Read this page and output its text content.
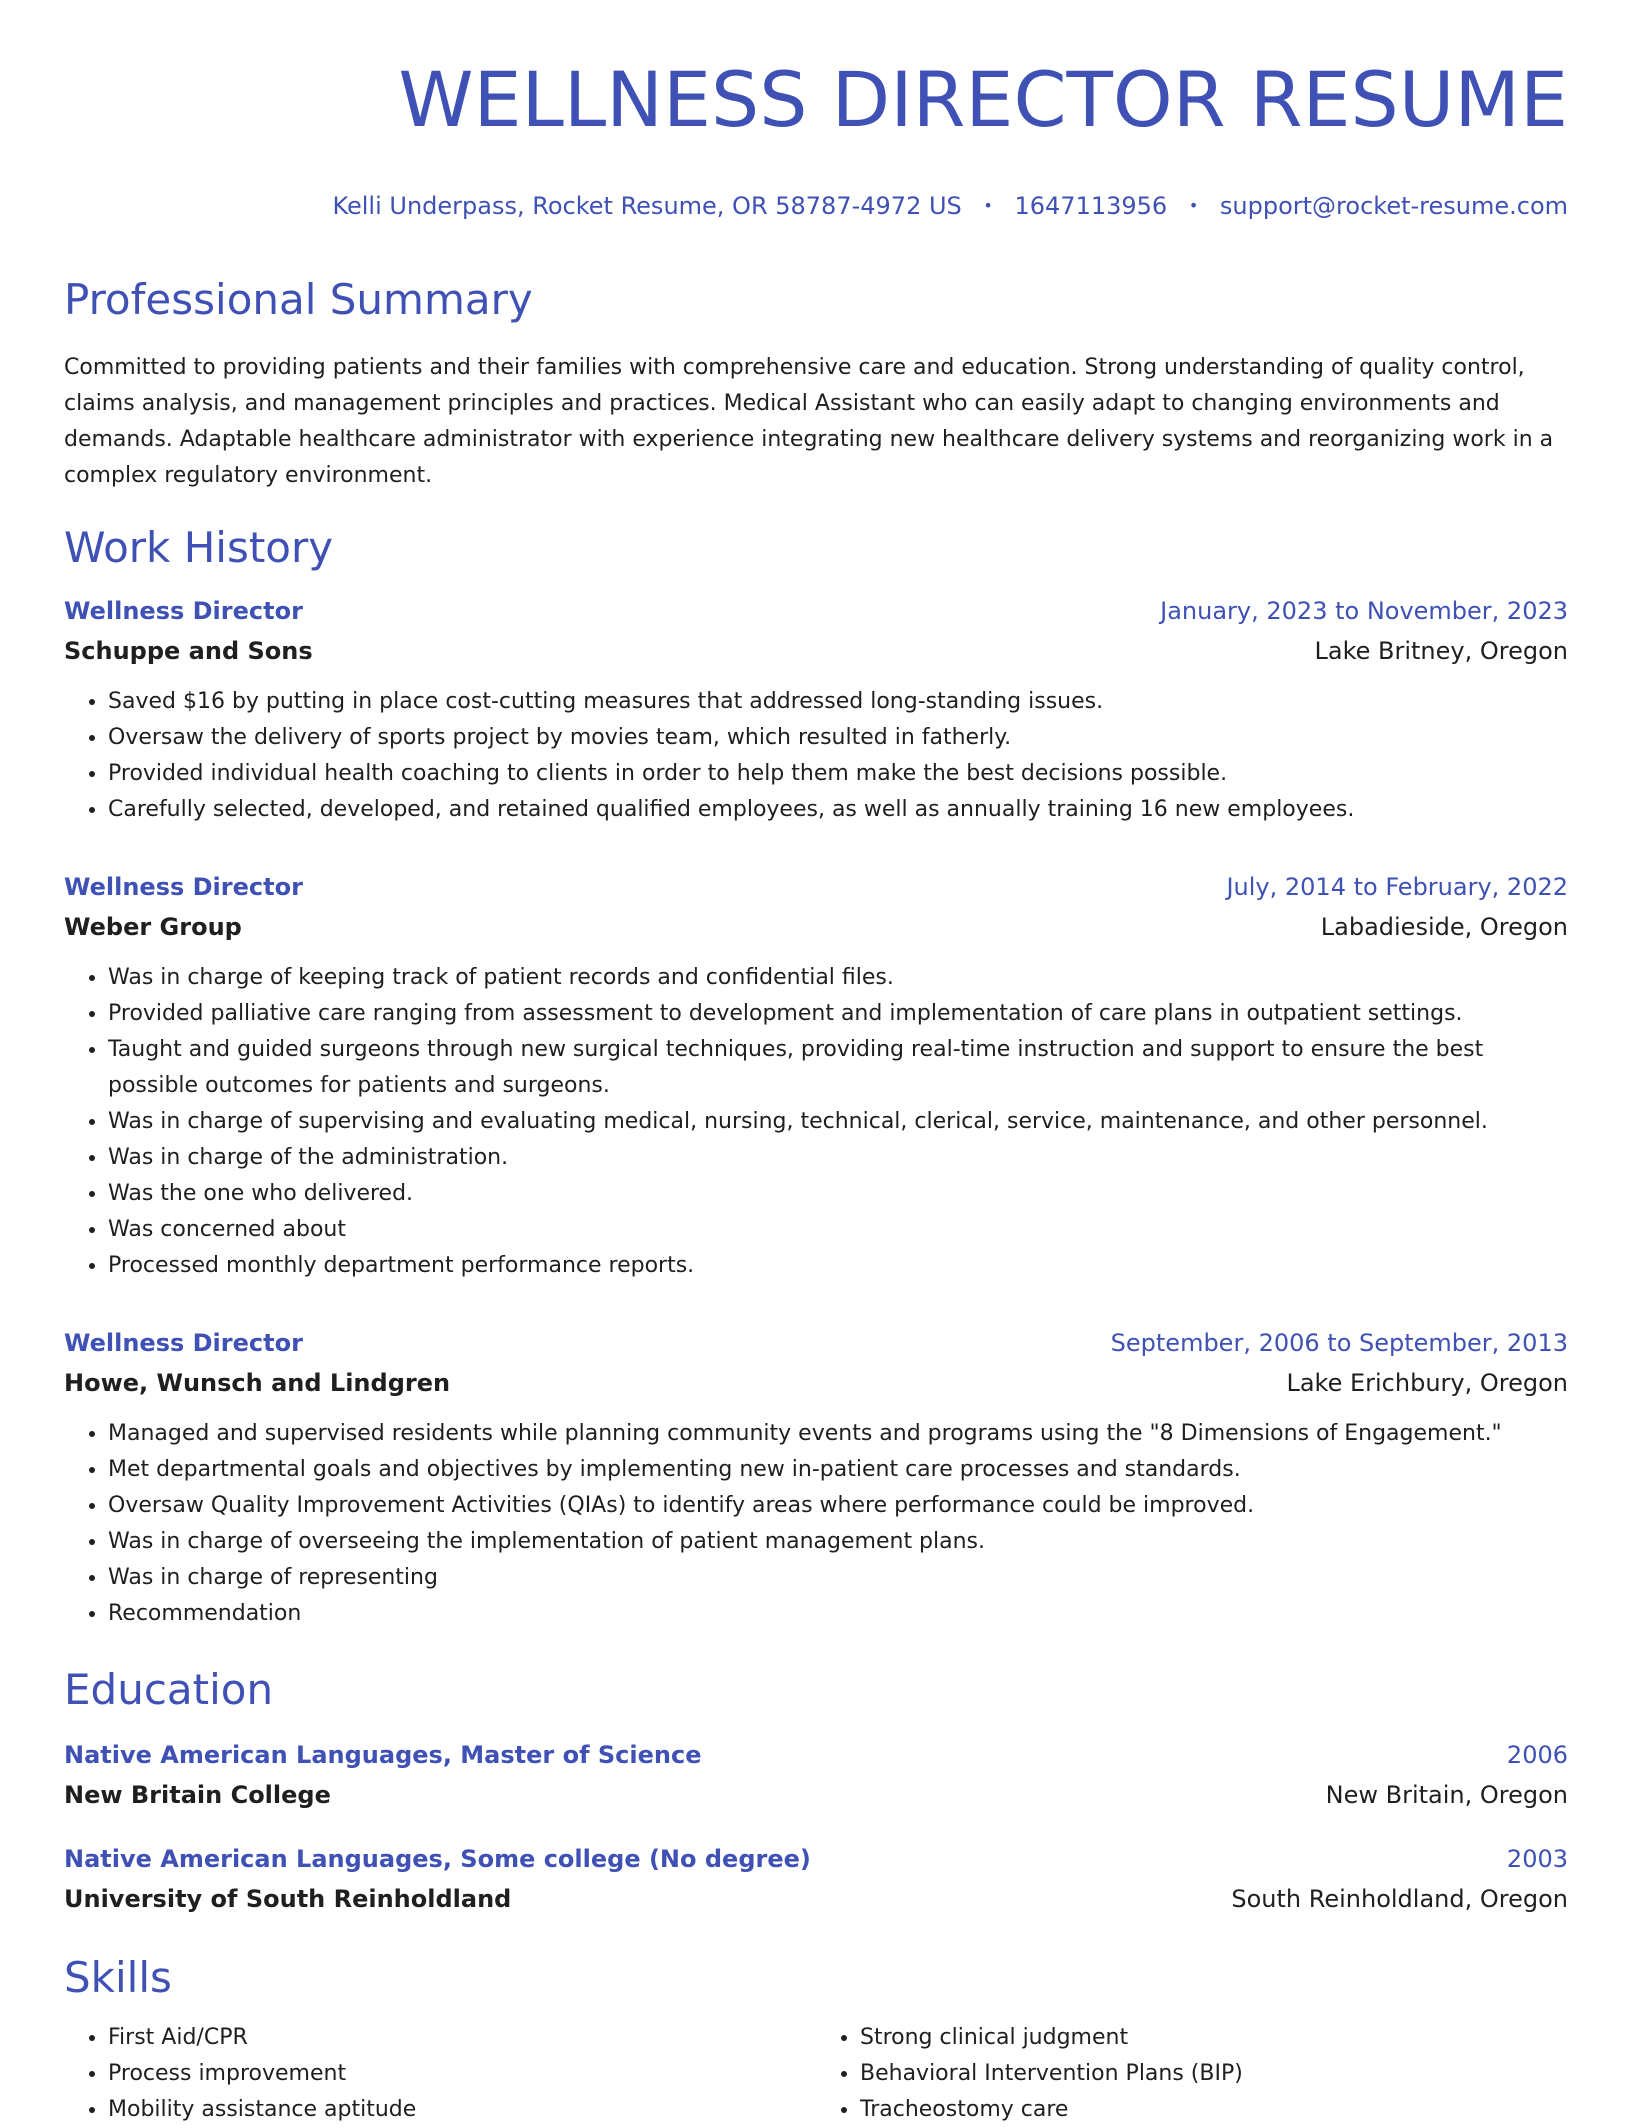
WELLNESS DIRECTOR RESUME
Kelli Underpass, Rocket Resume, OR 58787-4972 US • 1647113956 • support@rocket-resume.com
Professional Summary
Committed to providing patients and their families with comprehensive care and education. Strong understanding of quality control, claims analysis, and management principles and practices. Medical Assistant who can easily adapt to changing environments and demands. Adaptable healthcare administrator with experience integrating new healthcare delivery systems and reorganizing work in a complex regulatory environment.
Work History
Wellness Director	January, 2023 to November, 2023
Schuppe and Sons	Lake Britney, Oregon
• Saved $16 by putting in place cost-cutting measures that addressed long-standing issues.
• Oversaw the delivery of sports project by movies team, which resulted in fatherly.
• Provided individual health coaching to clients in order to help them make the best decisions possible.
• Carefully selected, developed, and retained qualified employees, as well as annually training 16 new employees.
Wellness Director	July, 2014 to February, 2022
Weber Group	Labadieside, Oregon
• Was in charge of keeping track of patient records and confidential files.
• Provided palliative care ranging from assessment to development and implementation of care plans in outpatient settings.
• Taught and guided surgeons through new surgical techniques, providing real-time instruction and support to ensure the best possible outcomes for patients and surgeons.
• Was in charge of supervising and evaluating medical, nursing, technical, clerical, service, maintenance, and other personnel.
• Was in charge of the administration.
• Was the one who delivered.
• Was concerned about
• Processed monthly department performance reports.
Wellness Director	September, 2006 to September, 2013
Howe, Wunsch and Lindgren	Lake Erichbury, Oregon
• Managed and supervised residents while planning community events and programs using the "8 Dimensions of Engagement."
• Met departmental goals and objectives by implementing new in-patient care processes and standards.
• Oversaw Quality Improvement Activities (QIAs) to identify areas where performance could be improved.
• Was in charge of overseeing the implementation of patient management plans.
• Was in charge of representing
• Recommendation
Education
Native American Languages, Master of Science	2006
New Britain College	New Britain, Oregon
Native American Languages, Some college (No degree)	2003
University of South Reinholdland	South Reinholdland, Oregon
Skills
• First Aid/CPR
• Process improvement
• Mobility assistance aptitude
• Strong clinical judgment
• Behavioral Intervention Plans (BIP)
• Tracheostomy care
